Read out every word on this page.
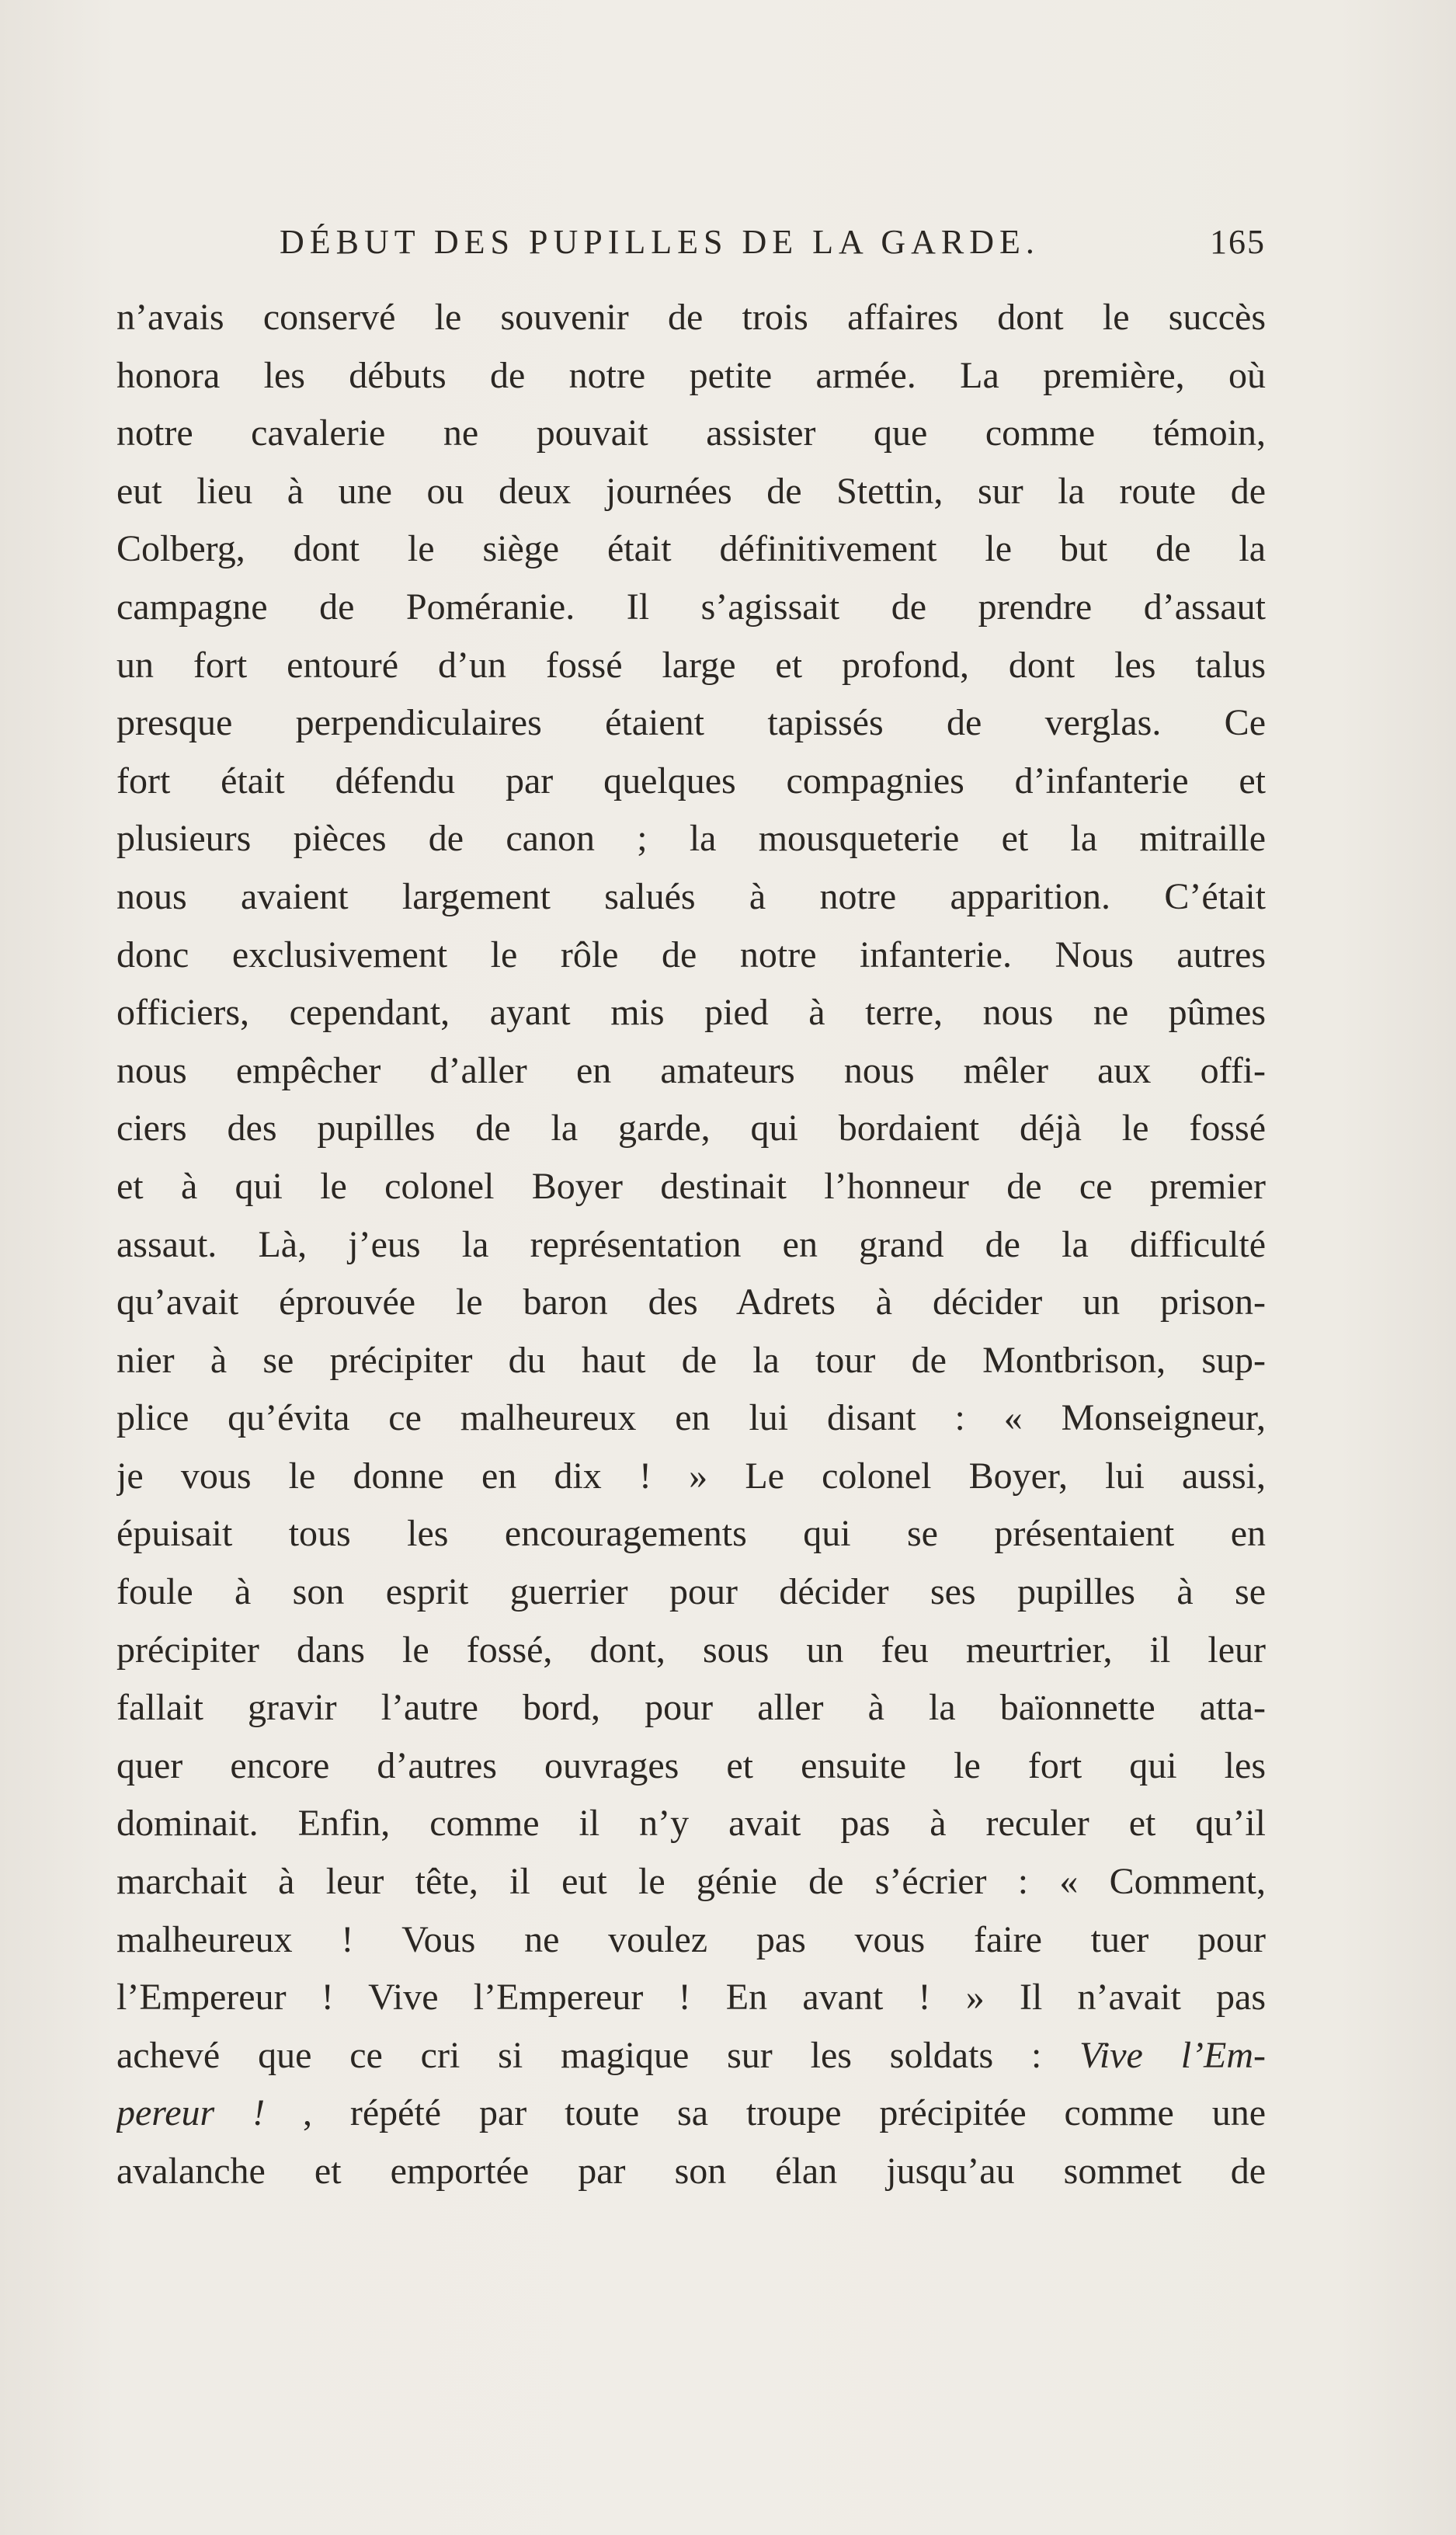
DÉBUT DES PUPILLES DE LA GARDE.	165
n’avais conservé le souvenir de trois affaires dont le succès
honora les débuts de notre petite armée. La première, où
notre cavalerie ne pouvait assister que comme témoin,
eut lieu à une ou deux journées de Stettin, sur la route de
Colberg, dont le siège était définitivement le but de la
campagne de Poméranie. Il s’agissait de prendre d’assaut
un fort entouré d’un fossé large et profond, dont les talus
presque perpendiculaires étaient tapissés de verglas. Ce
fort était défendu par quelques compagnies d’infanterie et
plusieurs pièces de canon ; la mousqueterie et la mitraille
nous avaient largement salués à notre apparition. C’était
donc exclusivement le rôle de notre infanterie. Nous autres
officiers, cependant, ayant mis pied à terre, nous ne pûmes
nous empêcher d’aller en amateurs nous mêler aux offi-
ciers des pupilles de la garde, qui bordaient déjà le fossé
et à qui le colonel Boyer destinait l’honneur de ce premier
assaut. Là, j’eus la représentation en grand de la difficulté
qu’avait éprouvée le baron des Adrets à décider un prison-
nier à se précipiter du haut de la tour de Montbrison, sup-
plice qu’évita ce malheureux en lui disant : « Monseigneur,
je vous le donne en dix ! » Le colonel Boyer, lui aussi,
épuisait tous les encouragements qui se présentaient en
foule à son esprit guerrier pour décider ses pupilles à se
précipiter dans le fossé, dont, sous un feu meurtrier, il leur
fallait gravir l’autre bord, pour aller à la baïonnette atta-
quer encore d’autres ouvrages et ensuite le fort qui les
dominait. Enfin, comme il n’y avait pas à reculer et qu’il
marchait à leur tête, il eut le génie de s’écrier : « Comment,
malheureux ! Vous ne voulez pas vous faire tuer pour
l’Empereur ! Vive l’Empereur ! En avant ! » Il n’avait pas
achevé que ce cri si magique sur les soldats : Vive l’Em-
pereur ! , répété par toute sa troupe précipitée comme une
avalanche et emportée par son élan jusqu’au sommet de
